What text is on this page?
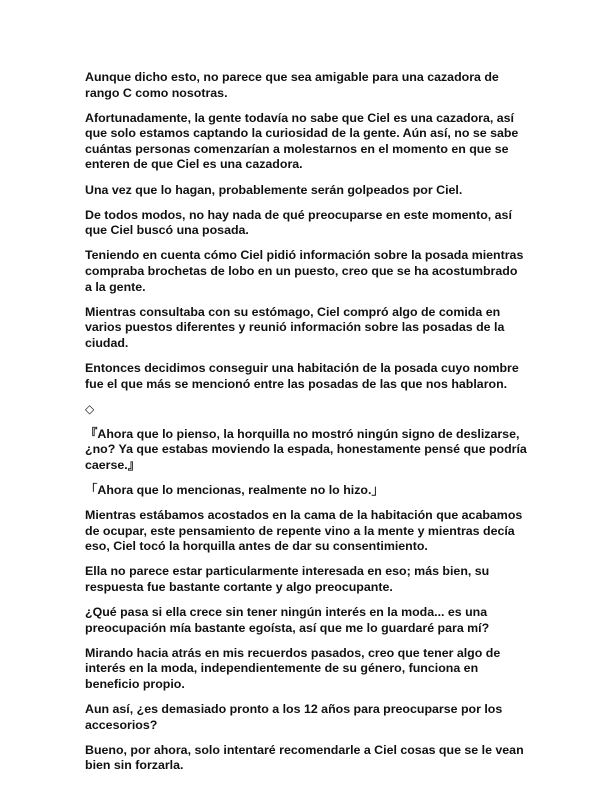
Aunque dicho esto, no parece que sea amigable para una cazadora de rango C como nosotras.

Afortunadamente, la gente todavía no sabe que Ciel es una cazadora, así que solo estamos captando la curiosidad de la gente. Aún así, no se sabe cuántas personas comenzarían a molestarnos en el momento en que se enteren de que Ciel es una cazadora.

Una vez que lo hagan, probablemente serán golpeados por Ciel.

De todos modos, no hay nada de qué preocuparse en este momento, así que Ciel buscó una posada.

Teniendo en cuenta cómo Ciel pidió información sobre la posada mientras compraba brochetas de lobo en un puesto, creo que se ha acostumbrado a la gente.

Mientras consultaba con su estómago, Ciel compró algo de comida en varios puestos diferentes y reunió información sobre las posadas de la ciudad.

Entonces decidimos conseguir una habitación de la posada cuyo nombre fue el que más se mencionó entre las posadas de las que nos hablaron.

◇

『Ahora que lo pienso, la horquilla no mostró ningún signo de deslizarse, ¿no? Ya que estabas moviendo la espada, honestamente pensé que podría caerse.』

「Ahora que lo mencionas, realmente no lo hizo.」

Mientras estábamos acostados en la cama de la habitación que acabamos de ocupar, este pensamiento de repente vino a la mente y mientras decía eso, Ciel tocó la horquilla antes de dar su consentimiento.

Ella no parece estar particularmente interesada en eso; más bien, su respuesta fue bastante cortante y algo preocupante.

¿Qué pasa si ella crece sin tener ningún interés en la moda... es una preocupación mía bastante egoísta, así que me lo guardaré para mí?

Mirando hacia atrás en mis recuerdos pasados, creo que tener algo de interés en la moda, independientemente de su género, funciona en beneficio propio.

Aun así, ¿es demasiado pronto a los 12 años para preocuparse por los accesorios?

Bueno, por ahora, solo intentaré recomendarle a Ciel cosas que se le vean bien sin forzarla.
